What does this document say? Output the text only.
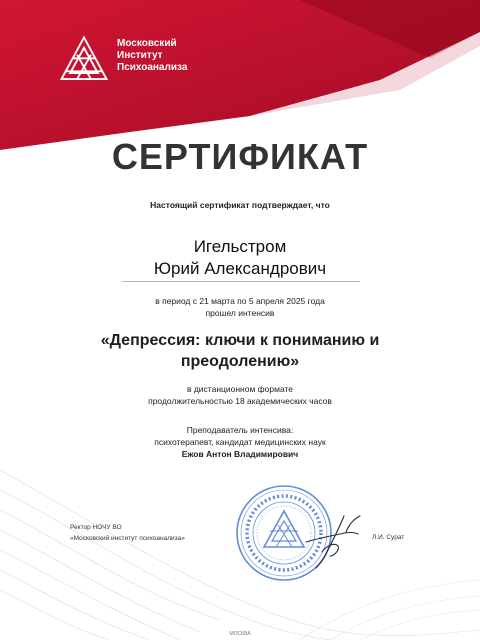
Московский
Институт
Психоанализа
СЕРТИФИКАТ
Настоящий сертификат подтверждает, что
Игельстром
Юрий Александрович
в период с 21 марта по 5 апреля 2025 года
прошел интенсив
«Депрессия: ключи к пониманию и
преодолению»
в дистанционном формате
продолжительностью 18 академических часов
Преподаватель интенсива:
психотерапевт, кандидат медицинских наук
Ежов Антон Владимирович
Ректор НОЧУ ВО
«Московский институт психоанализа»	Л.И. Сурат
МОСКВА
